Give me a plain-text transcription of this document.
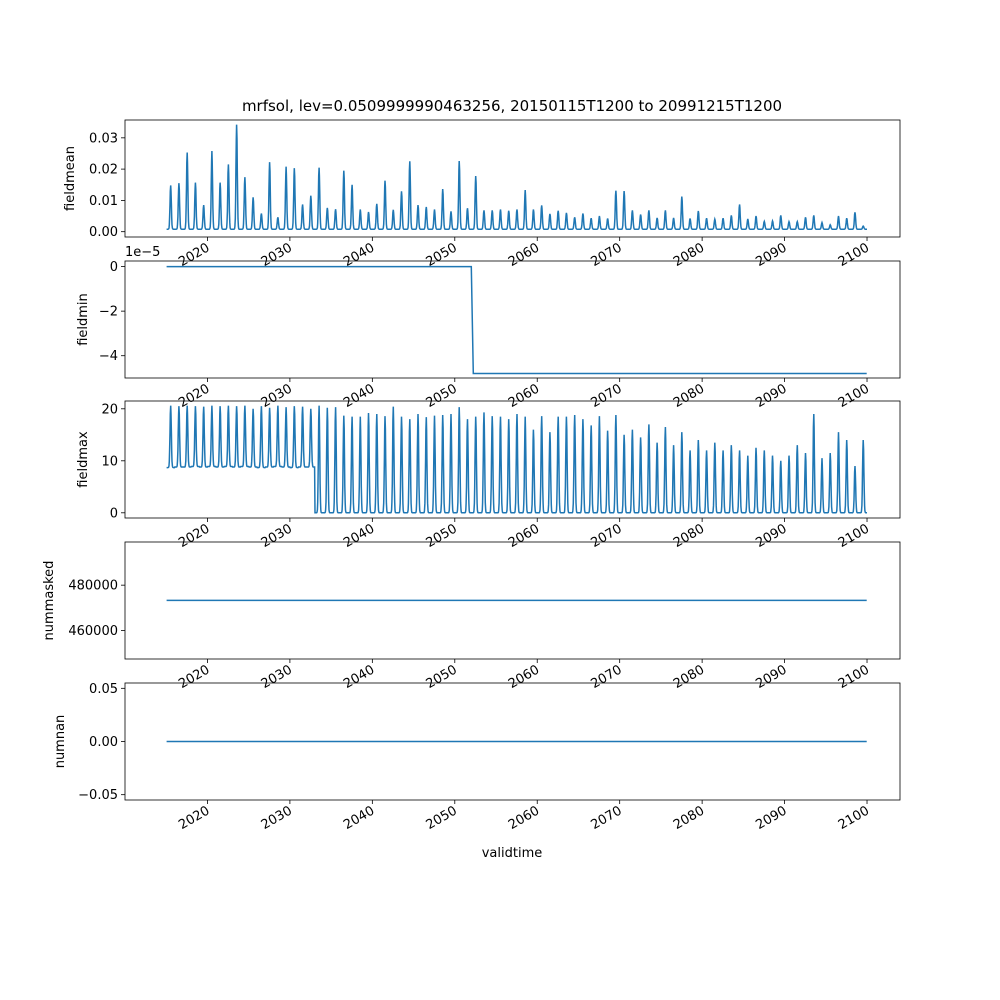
mrfsol, lev=0.0509999990463256, 20150115T1200 to 20991215T1200
0.00
0.01
0.02
0.03
fieldmean
2020	2030	2040	2050	2060	2070	2080	2090	2100
0
−2
−4
fieldmin
1e−5
2020	2030	2040	2050	2060	2070	2080	2090	2100
0
10
20
fieldmax
2020	2030	2040	2050	2060	2070	2080	2090	2100
460000
480000
nummasked
2020	2030	2040	2050	2060	2070	2080	2090	2100
−0.05
0.00
0.05
numnan
2020	2030	2040	2050	2060	2070	2080	2090	2100
validtime
